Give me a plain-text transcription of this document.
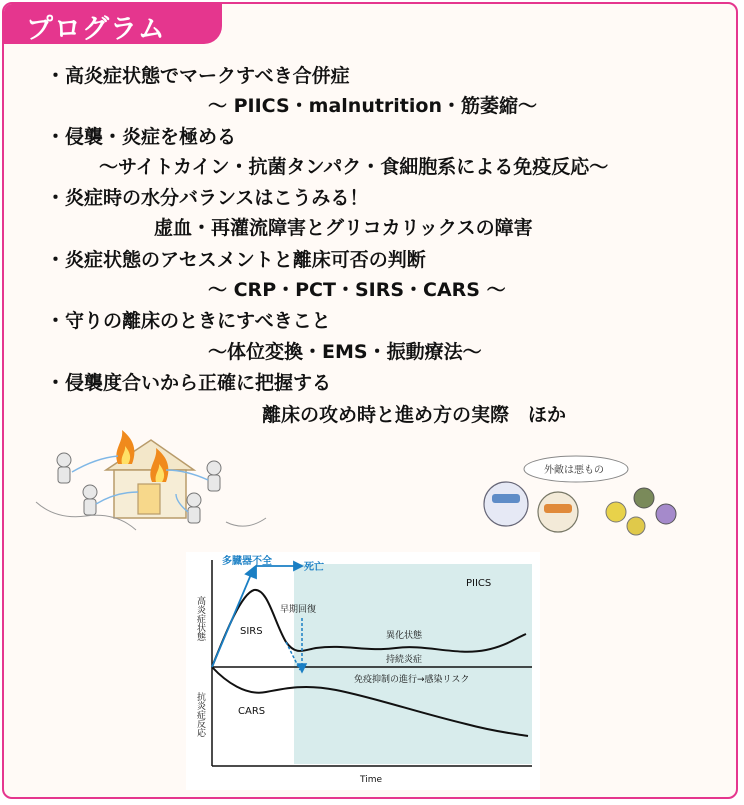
プログラム
・高炎症状態でマークすべき合併症
～ PIICS・malnutrition・筋萎縮～
・侵襲・炎症を極める
～サイトカイン・抗菌タンパク・食細胞系による免疫反応～
・炎症時の水分バランスはこうみる！
虚血・再灌流障害とグリコカリックスの障害
・炎症状態のアセスメントと離床可否の判断
～ CRP・PCT・SIRS・CARS ～
・守りの離床のときにすべきこと
～体位変換・EMS・振動療法～
・侵襲度合いから正確に把握する
離床の攻め時と進め方の実際　ほか
外敵は悪もの
多臓器不全
死亡
早期回復
PIICS
SIRS
CARS
異化状態
持続炎症
免疫抑制の進行→感染リスク
Time
高炎症状態
抗炎症反応
